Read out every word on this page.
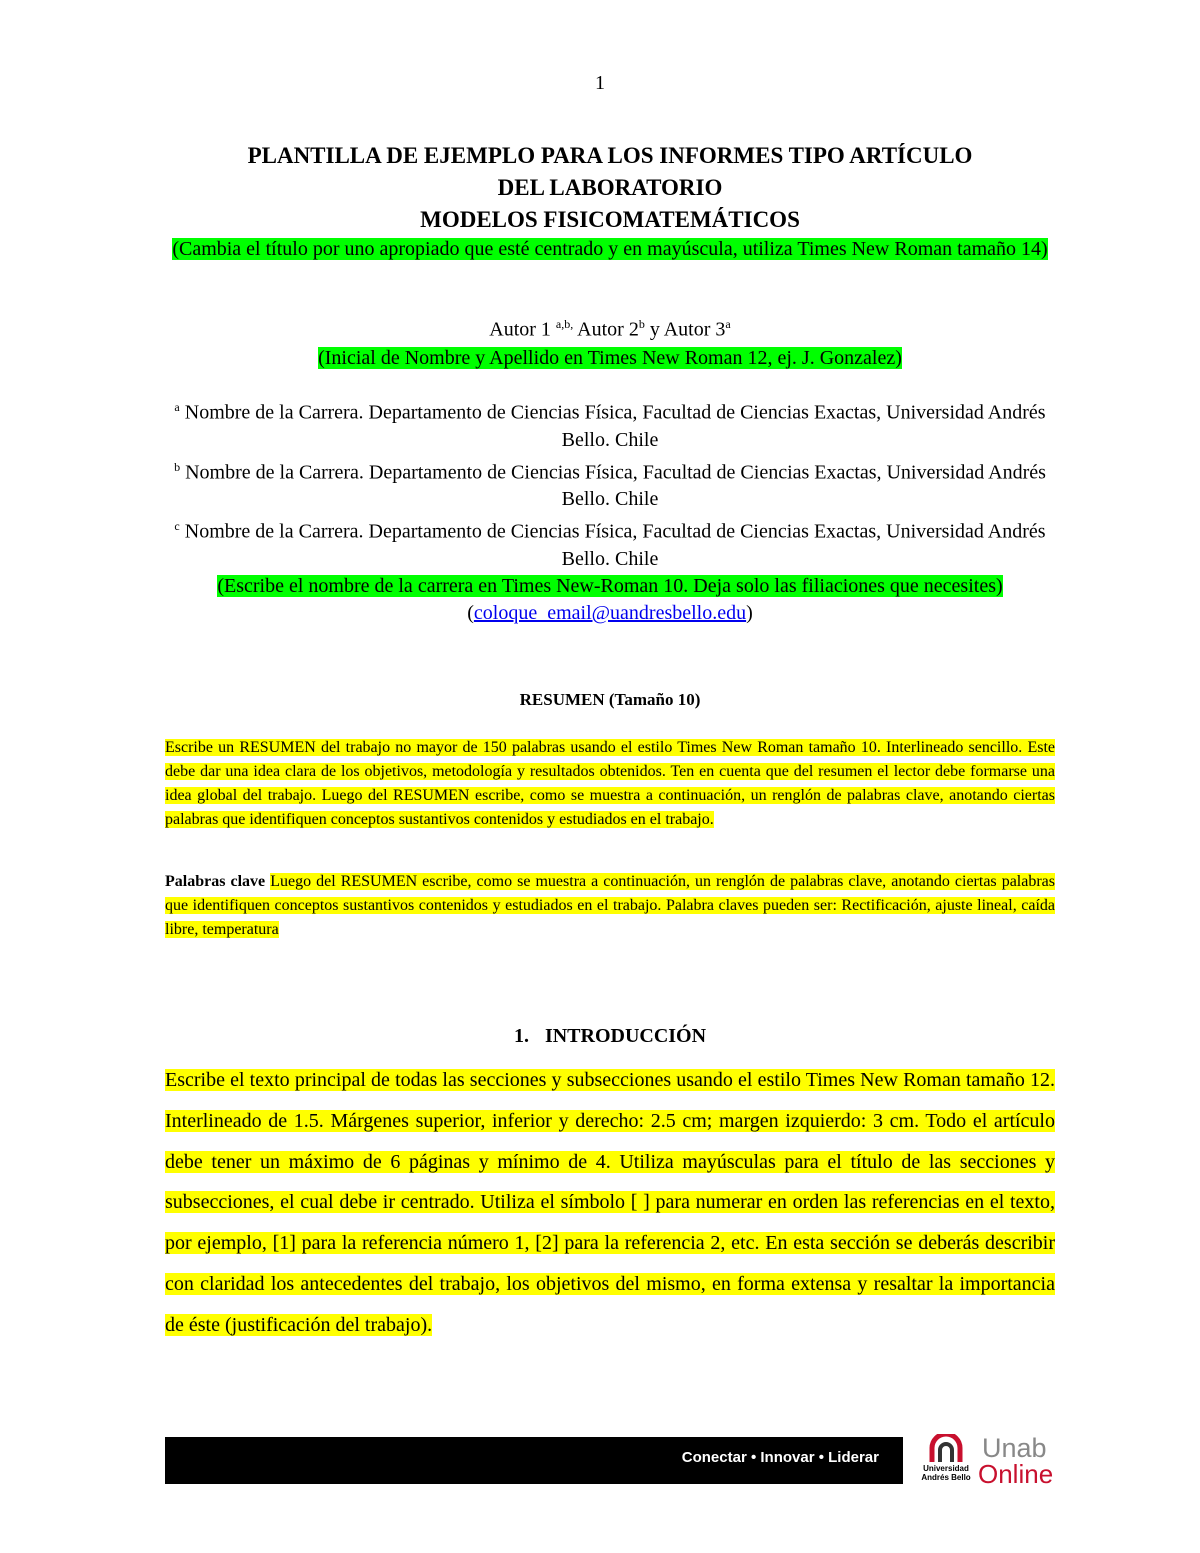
1
PLANTILLA DE EJEMPLO PARA LOS INFORMES TIPO ARTÍCULO
DEL LABORATORIO
MODELOS FISICOMATEMÁTICOS
(Cambia el título por uno apropiado que esté centrado y en mayúscula, utiliza Times New Roman tamaño 14)
Autor 1 $^{a,b,}$ Autor 2$^b$ y Autor 3$^a$
(Inicial de Nombre y Apellido en Times New Roman 12, ej. J. Gonzalez)

$^a$ Nombre de la Carrera. Departamento de Ciencias Física, Facultad de Ciencias Exactas, Universidad Andrés Bello. Chile

$^b$ Nombre de la Carrera. Departamento de Ciencias Física, Facultad de Ciencias Exactas, Universidad Andrés Bello. Chile

$^c$ Nombre de la Carrera. Departamento de Ciencias Física, Facultad de Ciencias Exactas, Universidad Andrés Bello. Chile

(Escribe el nombre de la carrera en Times New-Roman 10. Deja solo las filiaciones que necesites)

(coloque_email@uandresbello.edu)

RESUMEN (Tamaño 10)

Escribe un RESUMEN del trabajo no mayor de 150 palabras usando el estilo Times New Roman tamaño 10. Interlineado sencillo. Este debe dar una idea clara de los objetivos, metodología y resultados obtenidos. Ten en cuenta que del resumen el lector debe formarse una idea global del trabajo. Luego del RESUMEN escribe, como se muestra a continuación, un renglón de palabras clave, anotando ciertas palabras que identifiquen conceptos sustantivos contenidos y estudiados en el trabajo.

Palabras clave Luego del RESUMEN escribe, como se muestra a continuación, un renglón de palabras clave, anotando ciertas palabras que identifiquen conceptos sustantivos contenidos y estudiados en el trabajo. Palabra claves pueden ser: Rectificación, ajuste lineal, caída libre, temperatura

1. INTRODUCCIÓN

Escribe el texto principal de todas las secciones y subsecciones usando el estilo Times New Roman tamaño 12. Interlineado de 1.5. Márgenes superior, inferior y derecho: 2.5 cm; margen izquierdo: 3 cm. Todo el artículo debe tener un máximo de 6 páginas y mínimo de 4. Utiliza mayúsculas para el título de las secciones y subsecciones, el cual debe ir centrado. Utiliza el símbolo [ ] para numerar en orden las referencias en el texto, por ejemplo, [1] para la referencia número 1, [2] para la referencia 2, etc. En esta sección se deberás describir con claridad los antecedentes del trabajo, los objetivos del mismo, en forma extensa y resaltar la importancia de éste (justificación del trabajo).

Conectar • Innovar • Liderar
Universidad Andrés Bello
Unab
Online
